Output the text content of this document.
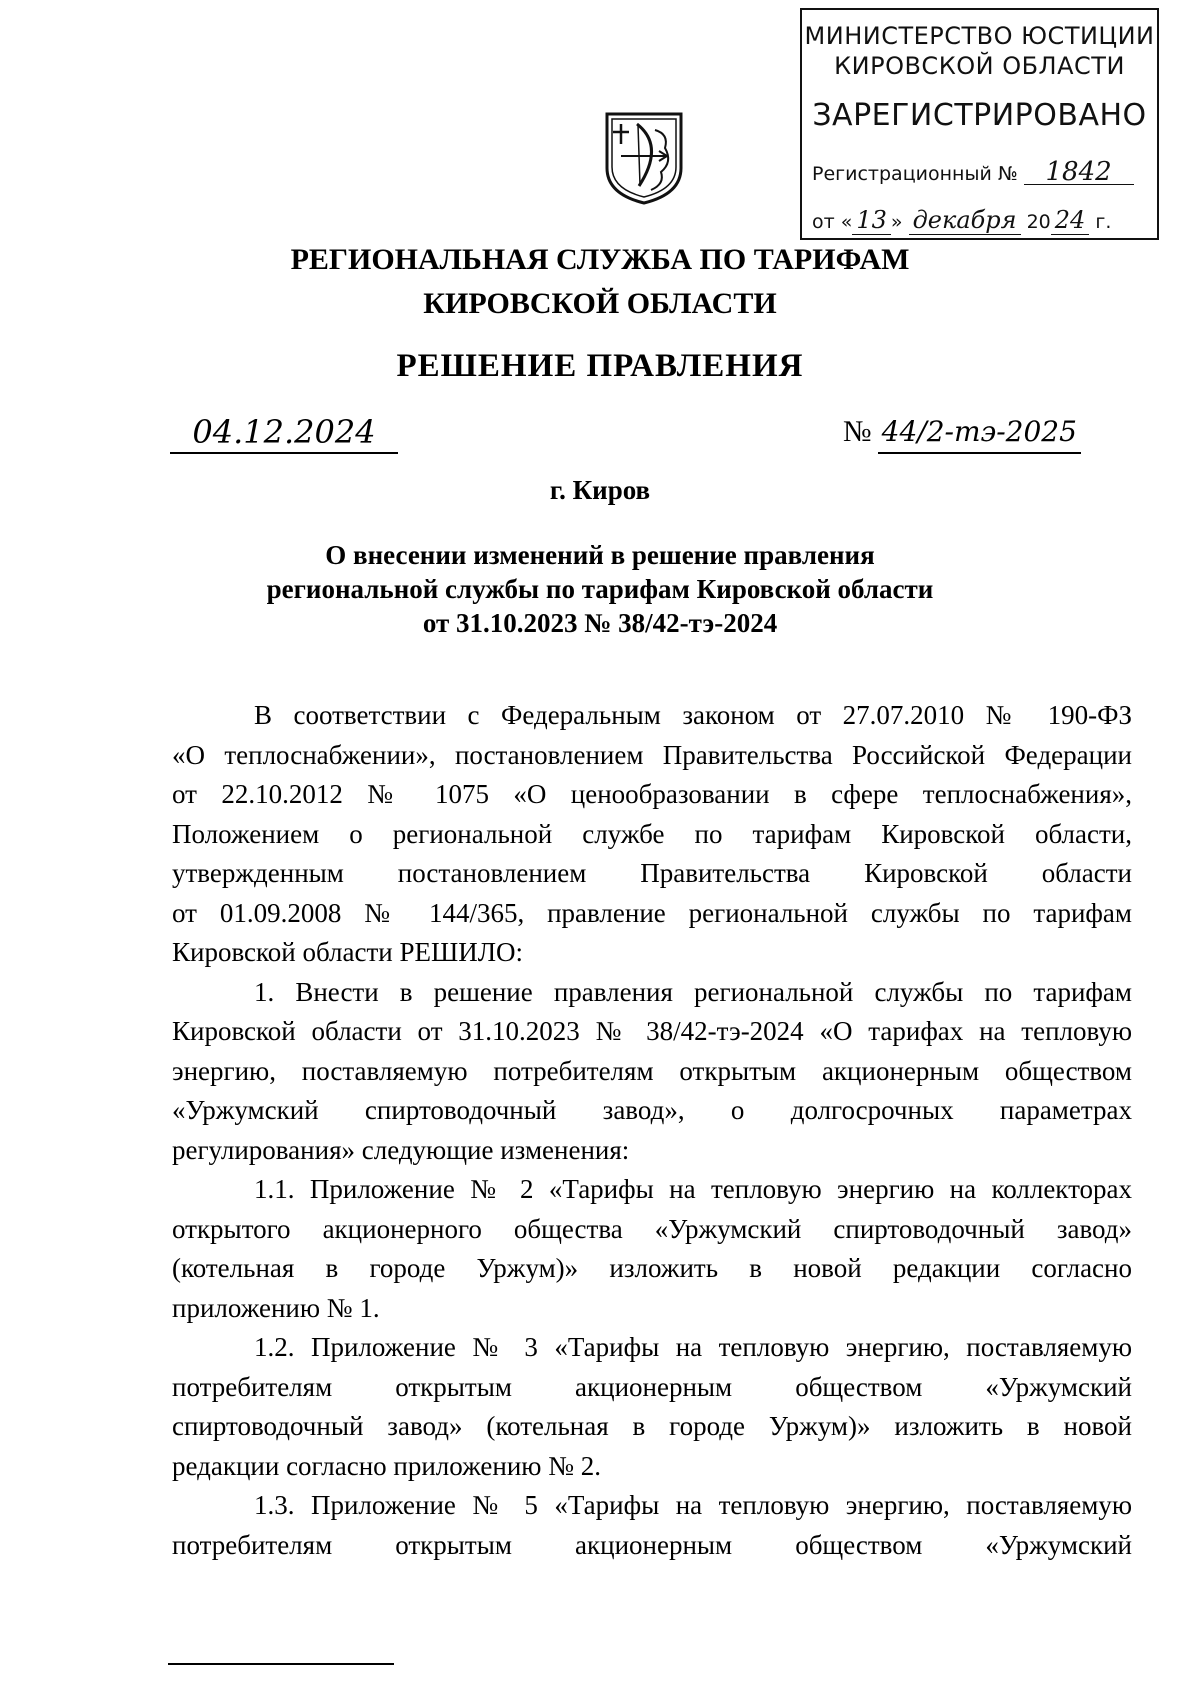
МИНИСТЕРСТВО ЮСТИЦИИ
КИРОВСКОЙ ОБЛАСТИ
ЗАРЕГИСТРИРОВАНО
Регистрационный № 1842
от « 13 » декабря 20 24 г.
РЕГИОНАЛЬНАЯ СЛУЖБА ПО ТАРИФАМ
КИРОВСКОЙ ОБЛАСТИ
РЕШЕНИЕ ПРАВЛЕНИЯ
04.12.2024	№ 44/2-тэ-2025
г. Киров
О внесении изменений в решение правления
региональной службы по тарифам Кировской области
от 31.10.2023 № 38/42-тэ-2024
В соответствии с Федеральным законом от 27.07.2010 № 190-ФЗ
«О теплоснабжении», постановлением Правительства Российской Федерации
от 22.10.2012 № 1075 «О ценообразовании в сфере теплоснабжения»,
Положением о региональной службе по тарифам Кировской области,
утвержденным постановлением Правительства Кировской области
от 01.09.2008 № 144/365, правление региональной службы по тарифам
Кировской области РЕШИЛО:
1. Внести в решение правления региональной службы по тарифам
Кировской области от 31.10.2023 № 38/42-тэ-2024 «О тарифах на тепловую
энергию, поставляемую потребителям открытым акционерным обществом
«Уржумский спиртоводочный завод», о долгосрочных параметрах
регулирования» следующие изменения:
1.1. Приложение № 2 «Тарифы на тепловую энергию на коллекторах
открытого акционерного общества «Уржумский спиртоводочный завод»
(котельная в городе Уржум)» изложить в новой редакции согласно
приложению № 1.
1.2. Приложение № 3 «Тарифы на тепловую энергию, поставляемую
потребителям открытым акционерным обществом «Уржумский
спиртоводочный завод» (котельная в городе Уржум)» изложить в новой
редакции согласно приложению № 2.
1.3. Приложение № 5 «Тарифы на тепловую энергию, поставляемую
потребителям открытым акционерным обществом «Уржумский
